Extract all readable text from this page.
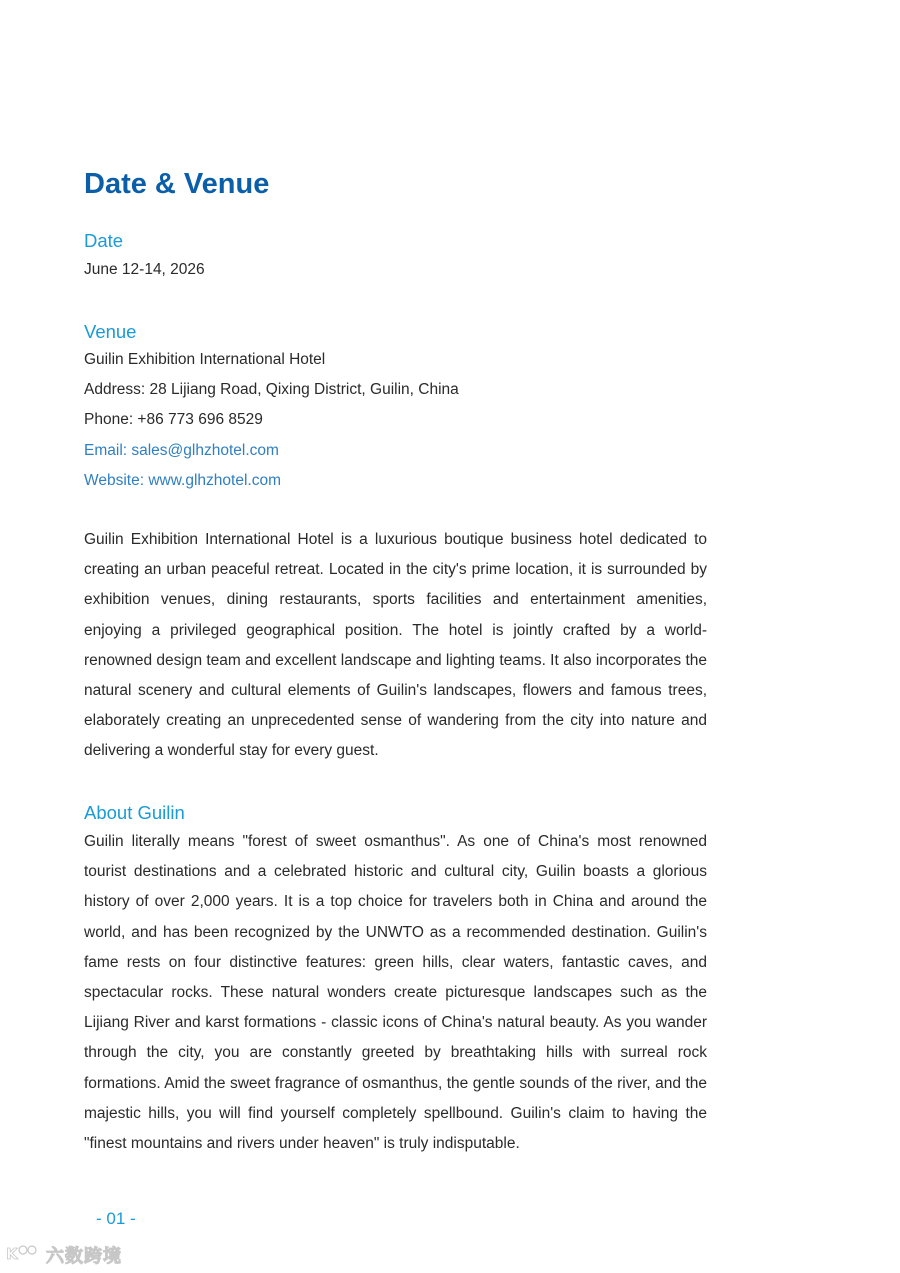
Date & Venue
Date

June 12-14, 2026

Venue

Guilin Exhibition International Hotel

Address: 28 Lijiang Road, Qixing District, Guilin, China

Phone: +86 773 696 8529

Email: sales@glhzhotel.com
Website: www.glhzhotel.com

Guilin Exhibition International Hotel is a luxurious boutique business hotel dedicated to creating an urban peaceful retreat. Located in the city's prime location, it is surrounded by exhibition venues, dining restaurants, sports facilities and entertainment amenities, enjoying a privileged geographical position. The hotel is jointly crafted by a world-renowned design team and excellent landscape and lighting teams. It also incorporates the natural scenery and cultural elements of Guilin's landscapes, flowers and famous trees, elaborately creating an unprecedented sense of wandering from the city into nature and delivering a wonderful stay for every guest.

About Guilin

Guilin literally means "forest of sweet osmanthus". As one of China's most renowned tourist destinations and a celebrated historic and cultural city, Guilin boasts a glorious history of over 2,000 years. It is a top choice for travelers both in China and around the world, and has been recognized by the UNWTO as a recommended destination. Guilin's fame rests on four distinctive features: green hills, clear waters, fantastic caves, and spectacular rocks. These natural wonders create picturesque landscapes such as the Lijiang River and karst formations - classic icons of China's natural beauty. As you wander through the city, you are constantly greeted by breathtaking hills with surreal rock formations. Amid the sweet fragrance of osmanthus, the gentle sounds of the river, and the majestic hills, you will find yourself completely spellbound. Guilin's claim to having the "finest mountains and rivers under heaven" is truly indisputable.

- 01 -
K 六数跨境
